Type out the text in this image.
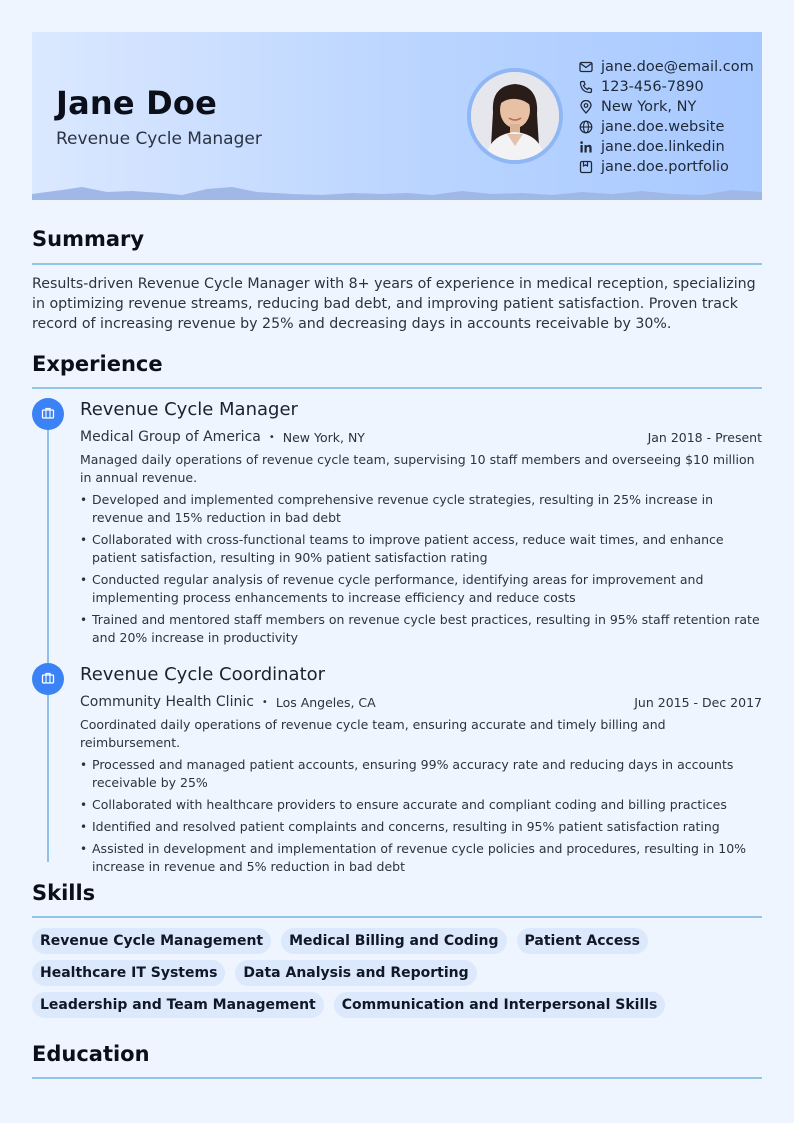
Jane Doe
Revenue Cycle Manager
jane.doe@email.com
123-456-7890
New York, NY
jane.doe.website
jane.doe.linkedin
jane.doe.portfolio
Summary
Results-driven Revenue Cycle Manager with 8+ years of experience in medical reception, specializing in optimizing revenue streams, reducing bad debt, and improving patient satisfaction. Proven track record of increasing revenue by 25% and decreasing days in accounts receivable by 30%.
Experience
Revenue Cycle Manager
Medical Group of America • New York, NY	Jan 2018 - Present
Managed daily operations of revenue cycle team, supervising 10 staff members and overseeing $10 million in annual revenue.
• Developed and implemented comprehensive revenue cycle strategies, resulting in 25% increase in revenue and 15% reduction in bad debt
• Collaborated with cross-functional teams to improve patient access, reduce wait times, and enhance patient satisfaction, resulting in 90% patient satisfaction rating
• Conducted regular analysis of revenue cycle performance, identifying areas for improvement and implementing process enhancements to increase efficiency and reduce costs
• Trained and mentored staff members on revenue cycle best practices, resulting in 95% staff retention rate and 20% increase in productivity
Revenue Cycle Coordinator
Community Health Clinic • Los Angeles, CA	Jun 2015 - Dec 2017
Coordinated daily operations of revenue cycle team, ensuring accurate and timely billing and reimbursement.
• Processed and managed patient accounts, ensuring 99% accuracy rate and reducing days in accounts receivable by 25%
• Collaborated with healthcare providers to ensure accurate and compliant coding and billing practices
• Identified and resolved patient complaints and concerns, resulting in 95% patient satisfaction rating
• Assisted in development and implementation of revenue cycle policies and procedures, resulting in 10% increase in revenue and 5% reduction in bad debt
Skills
Revenue Cycle Management	Medical Billing and Coding	Patient Access
Healthcare IT Systems	Data Analysis and Reporting
Leadership and Team Management	Communication and Interpersonal Skills
Education
